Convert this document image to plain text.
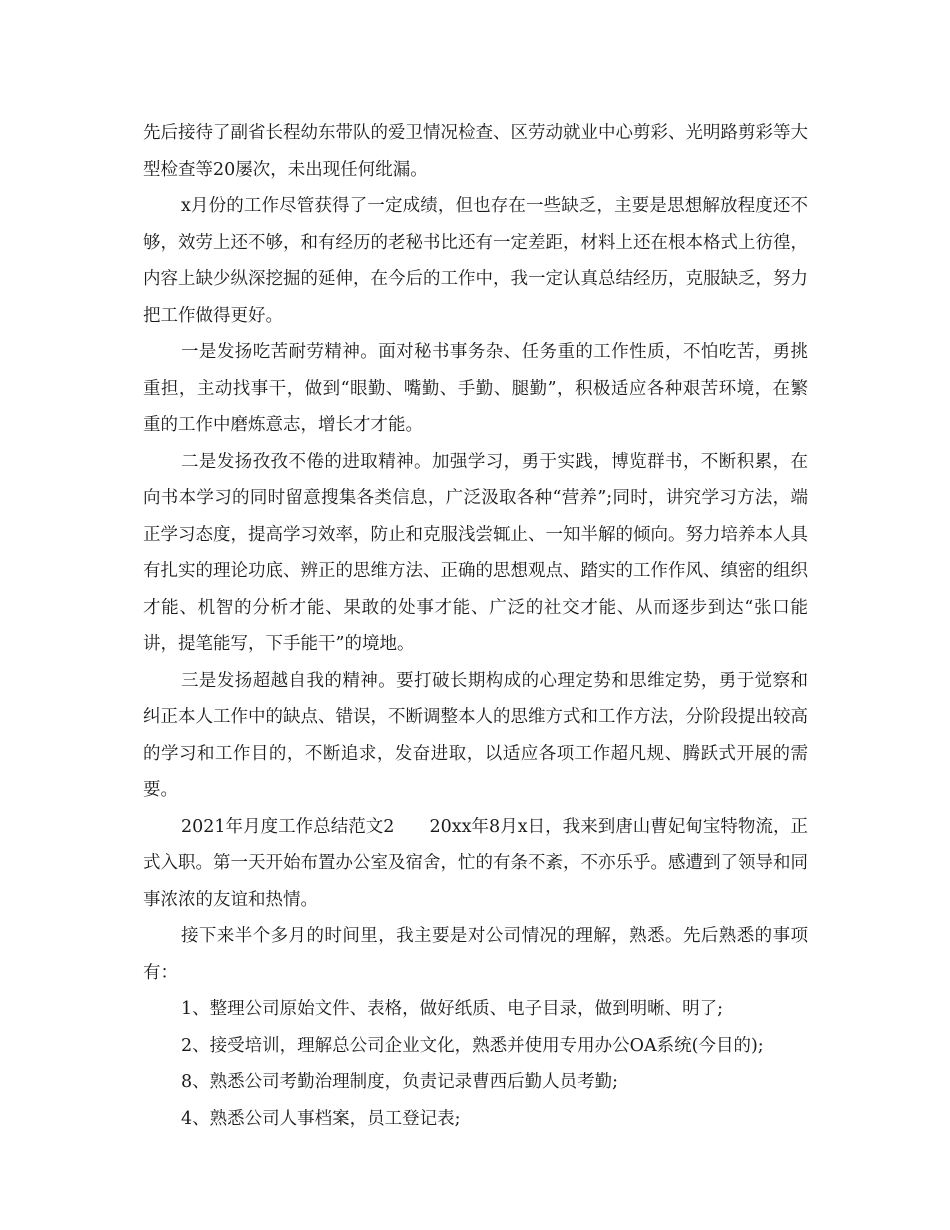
先后接待了副省长程幼东带队的爱卫情况检查、区劳动就业中心剪彩、光明路剪彩等大型检查等20屡次，未出现任何纰漏。

x月份的工作尽管获得了一定成绩，但也存在一些缺乏，主要是思想解放程度还不够，效劳上还不够，和有经历的老秘书比还有一定差距，材料上还在根本格式上彷徨，内容上缺少纵深挖掘的延伸，在今后的工作中，我一定认真总结经历，克服缺乏，努力把工作做得更好。

一是发扬吃苦耐劳精神。面对秘书事务杂、任务重的工作性质，不怕吃苦，勇挑重担，主动找事干，做到“眼勤、嘴勤、手勤、腿勤”，积极适应各种艰苦环境，在繁重的工作中磨炼意志，增长才才能。

二是发扬孜孜不倦的进取精神。加强学习，勇于实践，博览群书，不断积累，在向书本学习的同时留意搜集各类信息，广泛汲取各种“营养”;同时，讲究学习方法，端正学习态度，提高学习效率，防止和克服浅尝辄止、一知半解的倾向。努力培养本人具有扎实的理论功底、辨正的思维方法、正确的思想观点、踏实的工作作风、缜密的组织才能、机智的分析才能、果敢的处事才能、广泛的社交才能、从而逐步到达“张口能讲，提笔能写，下手能干”的境地。

三是发扬超越自我的精神。要打破长期构成的心理定势和思维定势，勇于觉察和纠正本人工作中的缺点、错误，不断调整本人的思维方式和工作方法，分阶段提出较高的学习和工作目的，不断追求，发奋进取，以适应各项工作超凡规、腾跃式开展的需要。

2021年月度工作总结范文2　　20xx年8月x日，我来到唐山曹妃甸宝特物流，正式入职。第一天开始布置办公室及宿舍，忙的有条不紊，不亦乐乎。感遭到了领导和同事浓浓的友谊和热情。

接下来半个多月的时间里，我主要是对公司情况的理解，熟悉。先后熟悉的事项有：

1、整理公司原始文件、表格，做好纸质、电子目录，做到明晰、明了;

2、接受培训，理解总公司企业文化，熟悉并使用专用办公OA系统(今目的);

8、熟悉公司考勤治理制度，负责记录曹西后勤人员考勤;

4、熟悉公司人事档案，员工登记表;
